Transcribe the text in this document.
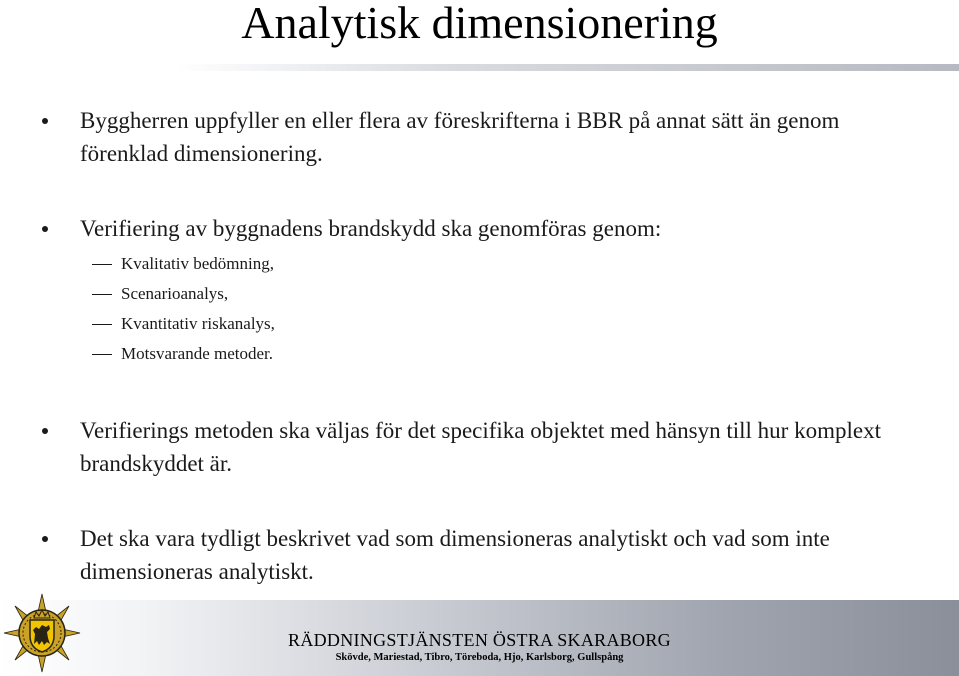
Analytisk dimensionering
Byggherren uppfyller en eller flera av föreskrifterna i BBR på annat sätt än genom förenklad dimensionering.
Verifiering av byggnadens brandskydd ska genomföras genom:
Kvalitativ bedömning,
Scenarioanalys,
Kvantitativ riskanalys,
Motsvarande metoder.
Verifierings metoden ska väljas för det specifika objektet med hänsyn till hur komplext brandskyddet är.
Det ska vara tydligt beskrivet vad som dimensioneras analytiskt och vad som inte dimensioneras analytiskt.
RÄDDNINGSTJÄNSTEN ÖSTRA SKARABORG
Skövde, Mariestad, Tibro, Töreboda, Hjo, Karlsborg, Gullspång
